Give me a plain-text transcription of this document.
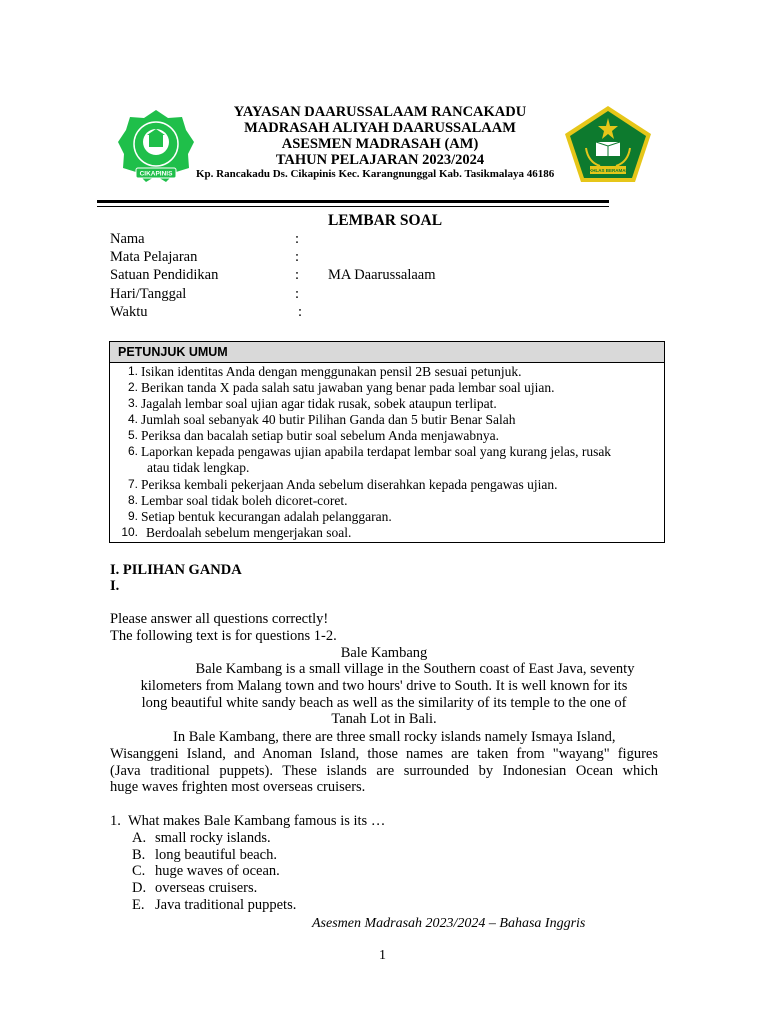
CIKAPINIS	IKHLAS BERAMAL
YAYASAN DAARUSSALAAM RANCAKADU
MADRASAH ALIYAH DAARUSSALAAM
ASESMEN MADRASAH (AM)
TAHUN PELAJARAN 2023/2024
Kp. Rancakadu Ds. Cikapinis Kec. Karangnunggal Kab. Tasikmalaya 46186
LEMBAR SOAL
Nama	:
Mata Pelajaran	:
Satuan Pendidikan	: MA Daarussalaam
Hari/Tanggal	:
Waktu	:
PETUNJUK UMUM
1. Isikan identitas Anda dengan menggunakan pensil 2B sesuai petunjuk.
2. Berikan tanda X pada salah satu jawaban yang benar pada lembar soal ujian.
3. Jagalah lembar soal ujian agar tidak rusak, sobek ataupun terlipat.
4. Jumlah soal sebanyak 40 butir Pilihan Ganda dan 5 butir Benar Salah
5. Periksa dan bacalah setiap butir soal sebelum Anda menjawabnya.
6. Laporkan kepada pengawas ujian apabila terdapat lembar soal yang kurang jelas, rusak
atau tidak lengkap.
7. Periksa kembali pekerjaan Anda sebelum diserahkan kepada pengawas ujian.
8. Lembar soal tidak boleh dicoret-coret.
9. Setiap bentuk kecurangan adalah pelanggaran.
10. Berdoalah sebelum mengerjakan soal.
I. PILIHAN GANDA
I.
Please answer all questions correctly!
The following text is for questions 1-2.
Bale Kambang
Bale Kambang is a small village in the Southern coast of East Java, seventy
kilometers from Malang town and two hours' drive to South. It is well known for its
long beautiful white sandy beach as well as the similarity of its temple to the one of
Tanah Lot in Bali.
In Bale Kambang, there are three small rocky islands namely Ismaya Island,
Wisanggeni Island, and Anoman Island, those names are taken from "wayang" figures
(Java traditional puppets). These islands are surrounded by Indonesian Ocean which
huge waves frighten most overseas cruisers.
1. What makes Bale Kambang famous is its …
A. small rocky islands.
B. long beautiful beach.
C. huge waves of ocean.
D. overseas cruisers.
E. Java traditional puppets.
Asesmen Madrasah 2023/2024 – Bahasa Inggris
1
